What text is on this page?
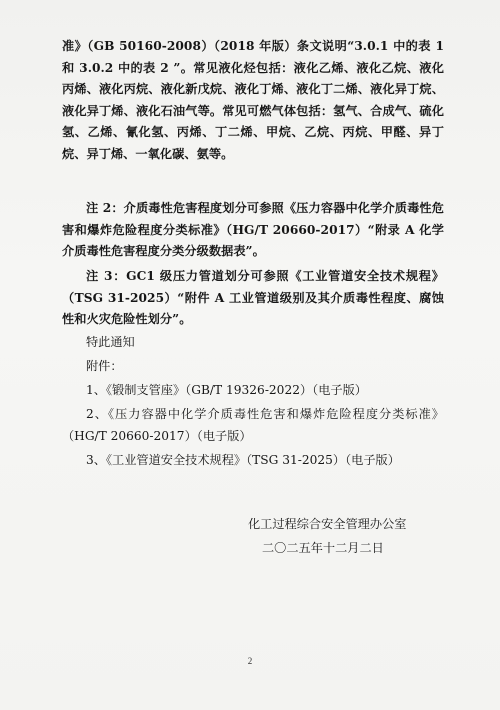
准》（GB 50160-2008）（2018 年版）条文说明“3.0.1 中的表 1 和 3.0.2 中的表 2 ”。常见液化烃包括：液化乙烯、液化乙烷、液化丙烯、液化丙烷、液化新戊烷、液化丁烯、液化丁二烯、液化异丁烷、液化异丁烯、液化石油气等。常见可燃气体包括：氢气、合成气、硫化氢、乙烯、氰化氢、丙烯、丁二烯、甲烷、乙烷、丙烷、甲醛、异丁烷、异丁烯、一氧化碳、氨等。
注 2：介质毒性危害程度划分可参照《压力容器中化学介质毒性危害和爆炸危险程度分类标准》（HG/T 20660-2017）“附录 A 化学介质毒性危害程度分类分级数据表”。
注 3：GC1 级压力管道划分可参照《工业管道安全技术规程》（TSG 31-2025）“附件 A 工业管道级别及其介质毒性程度、腐蚀性和火灾危险性划分”。
特此通知
附件：
1、《锻制支管座》（GB/T 19326-2022）（电子版）
2、《压力容器中化学介质毒性危害和爆炸危险程度分类标准》（HG/T 20660-2017）（电子版）
3、《工业管道安全技术规程》（TSG 31-2025）（电子版）
化工过程综合安全管理办公室
二〇二五年十二月二日
2
